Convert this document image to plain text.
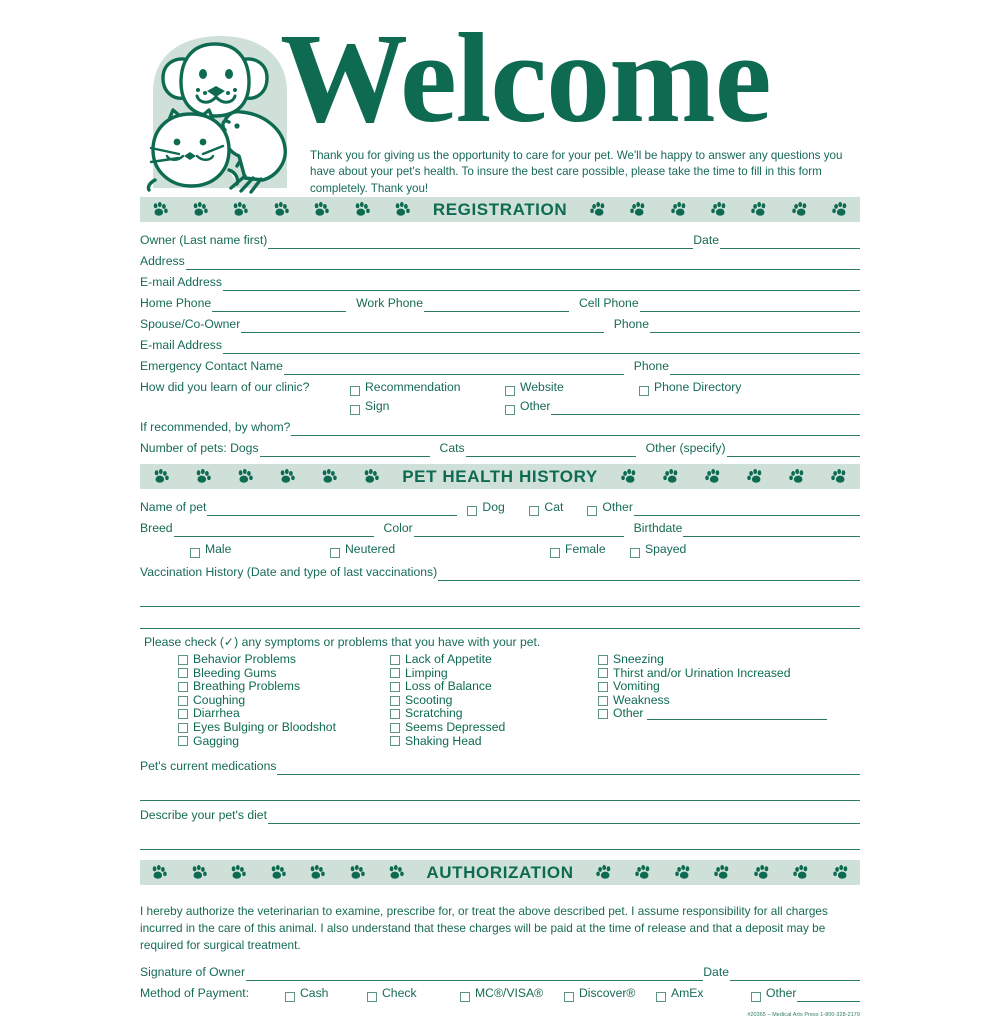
Welcome
Thank you for giving us the opportunity to care for your pet. We'll be happy to answer any questions you have about your pet's health. To insure the best care possible, please take the time to fill in this form completely. Thank you!
REGISTRATION
Owner (Last name first)	Date
Address
E-mail Address
Home Phone	Work Phone	Cell Phone
Spouse/Co-Owner	Phone
E-mail Address
Emergency Contact Name	Phone
How did you learn of our clinic?	Recommendation	Website	Phone Directory

Sign	Other
If recommended, by whom?
Number of pets: Dogs	Cats	Other (specify)
PET HEALTH HISTORY
Name of pet	Dog	Cat	Other
Breed	Color	Birthdate
Male	Neutered	Female	Spayed
Vaccination History (Date and type of last vaccinations)
Please check (✓) any symptoms or problems that you have with your pet.
Behavior Problems
Bleeding Gums
Breathing Problems
Coughing
Diarrhea
Eyes Bulging or Bloodshot
Gagging
Lack of Appetite
Limping
Loss of Balance
Scooting
Scratching
Seems Depressed
Shaking Head
Sneezing
Thirst and/or Urination Increased
Vomiting
Weakness
Other
Pet's current medications
Describe your pet's diet
AUTHORIZATION
I hereby authorize the veterinarian to examine, prescribe for, or treat the above described pet. I assume responsibility for all charges incurred in the care of this animal. I also understand that these charges will be paid at the time of release and that a deposit may be required for surgical treatment.
Signature of Owner	Date
Method of Payment:	Cash	Check	MC®/VISA®	Discover®	AmEx	Other
#20365 – Medical Arts Press 1-800-328-2179
